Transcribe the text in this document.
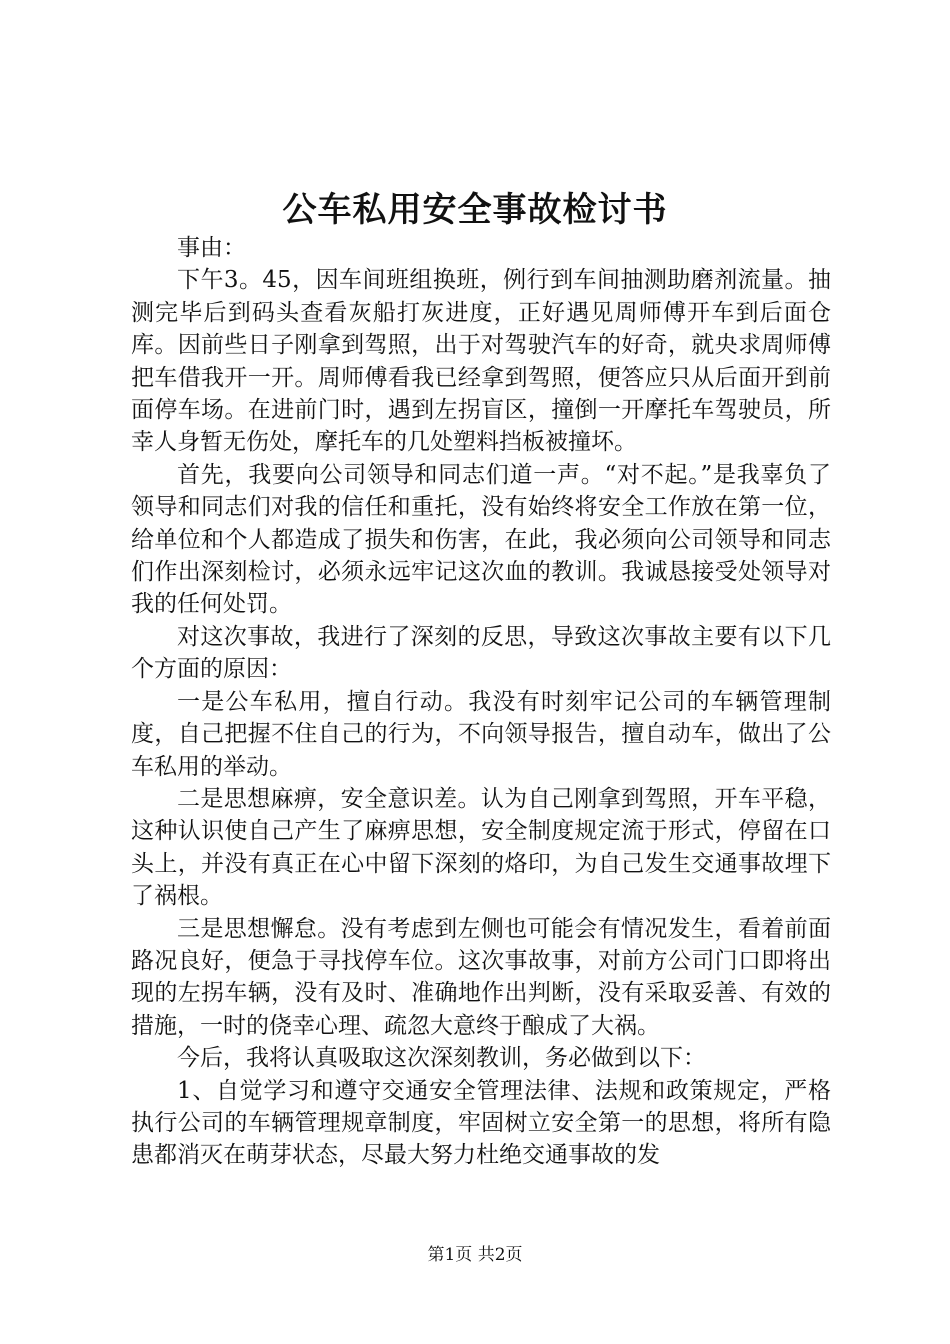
公车私用安全事故检讨书

事由：

下午3。45，因车间班组换班，例行到车间抽测助磨剂流量。抽测完毕后到码头查看灰船打灰进度，正好遇见周师傅开车到后面仓库。因前些日子刚拿到驾照，出于对驾驶汽车的好奇，就央求周师傅把车借我开一开。周师傅看我已经拿到驾照，便答应只从后面开到前面停车场。在进前门时，遇到左拐盲区，撞倒一开摩托车驾驶员，所幸人身暂无伤处，摩托车的几处塑料挡板被撞坏。

首先，我要向公司领导和同志们道一声。“对不起。”是我辜负了领导和同志们对我的信任和重托，没有始终将安全工作放在第一位，给单位和个人都造成了损失和伤害，在此，我必须向公司领导和同志们作出深刻检讨，必须永远牢记这次血的教训。我诚恳接受处领导对我的任何处罚。

对这次事故，我进行了深刻的反思，导致这次事故主要有以下几个方面的原因：

一是公车私用，擅自行动。我没有时刻牢记公司的车辆管理制度，自己把握不住自己的行为，不向领导报告，擅自动车，做出了公车私用的举动。

二是思想麻痹，安全意识差。认为自己刚拿到驾照，开车平稳，这种认识使自己产生了麻痹思想，安全制度规定流于形式，停留在口头上，并没有真正在心中留下深刻的烙印，为自己发生交通事故埋下了祸根。

三是思想懈怠。没有考虑到左侧也可能会有情况发生，看着前面路况良好，便急于寻找停车位。这次事故事，对前方公司门口即将出现的左拐车辆，没有及时、准确地作出判断，没有采取妥善、有效的措施，一时的侥幸心理、疏忽大意终于酿成了大祸。

今后，我将认真吸取这次深刻教训，务必做到以下：

1、自觉学习和遵守交通安全管理法律、法规和政策规定，严格执行公司的车辆管理规章制度，牢固树立安全第一的思想，将所有隐患都消灭在萌芽状态，尽最大努力杜绝交通事故的发

第1页 共2页
